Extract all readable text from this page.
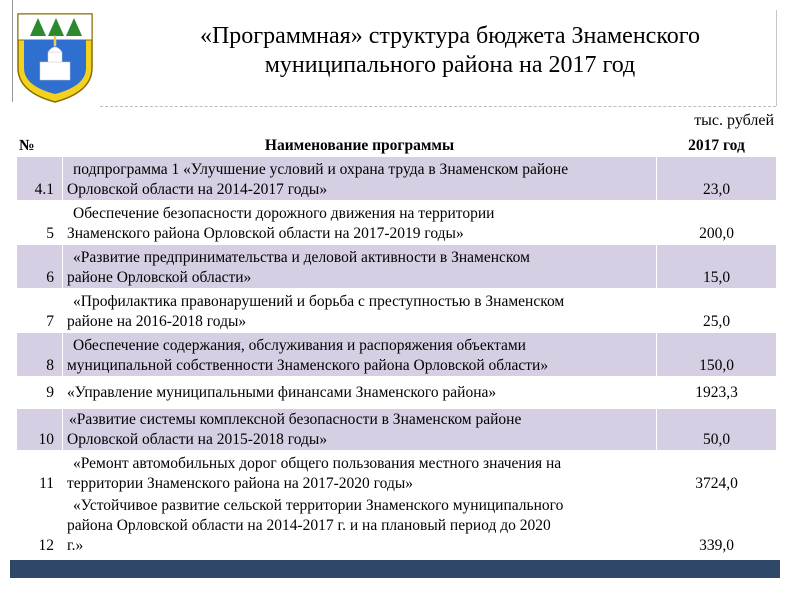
«Программная» структура бюджета Знаменского
муниципального района на 2017 год
тыс. рублей
№	Наименование программы	2017 год
4.1	подпрограмма 1 «Улучшение условий и охрана труда в Знаменском районе
Орловской области на 2014-2017 годы»	23,0
5	Обеспечение безопасности дорожного движения на территории
Знаменского района Орловской области на 2017-2019 годы»	200,0
6	«Развитие предпринимательства и деловой активности в Знаменском
районе Орловской области»	15,0
7	«Профилактика правонарушений и борьба с преступностью в Знаменском
районе на 2016-2018 годы»	25,0
8	Обеспечение содержания, обслуживания и распоряжения объектами
муниципальной собственности Знаменского района Орловской области»	150,0
9	«Управление муниципальными финансами Знаменского района»	1923,3
10	«Развитие системы комплексной безопасности в Знаменском районе
Орловской области на 2015-2018 годы»	50,0
11	«Ремонт автомобильных дорог общего пользования местного значения на
территории Знаменского района на 2017-2020 годы»	3724,0
12	«Устойчивое развитие сельской территории Знаменского муниципального
района Орловской области на 2014-2017 г. и на плановый период до 2020
г.»	339,0
